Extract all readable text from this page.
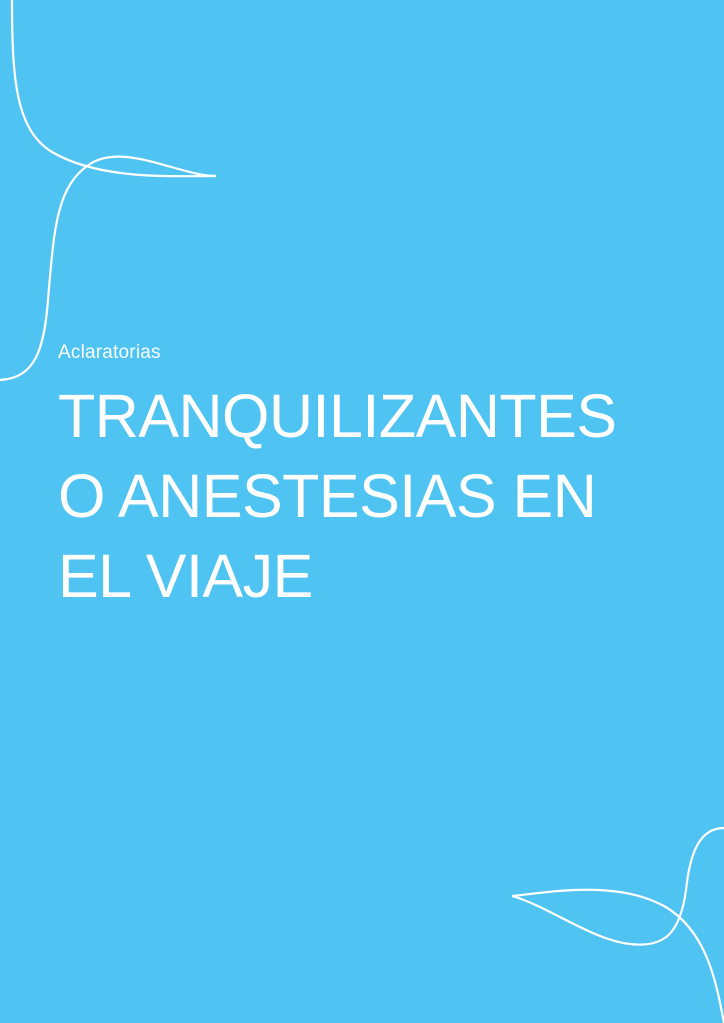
Aclaratorias

TRANQUILIZANTES O ANESTESIAS EN EL VIAJE
